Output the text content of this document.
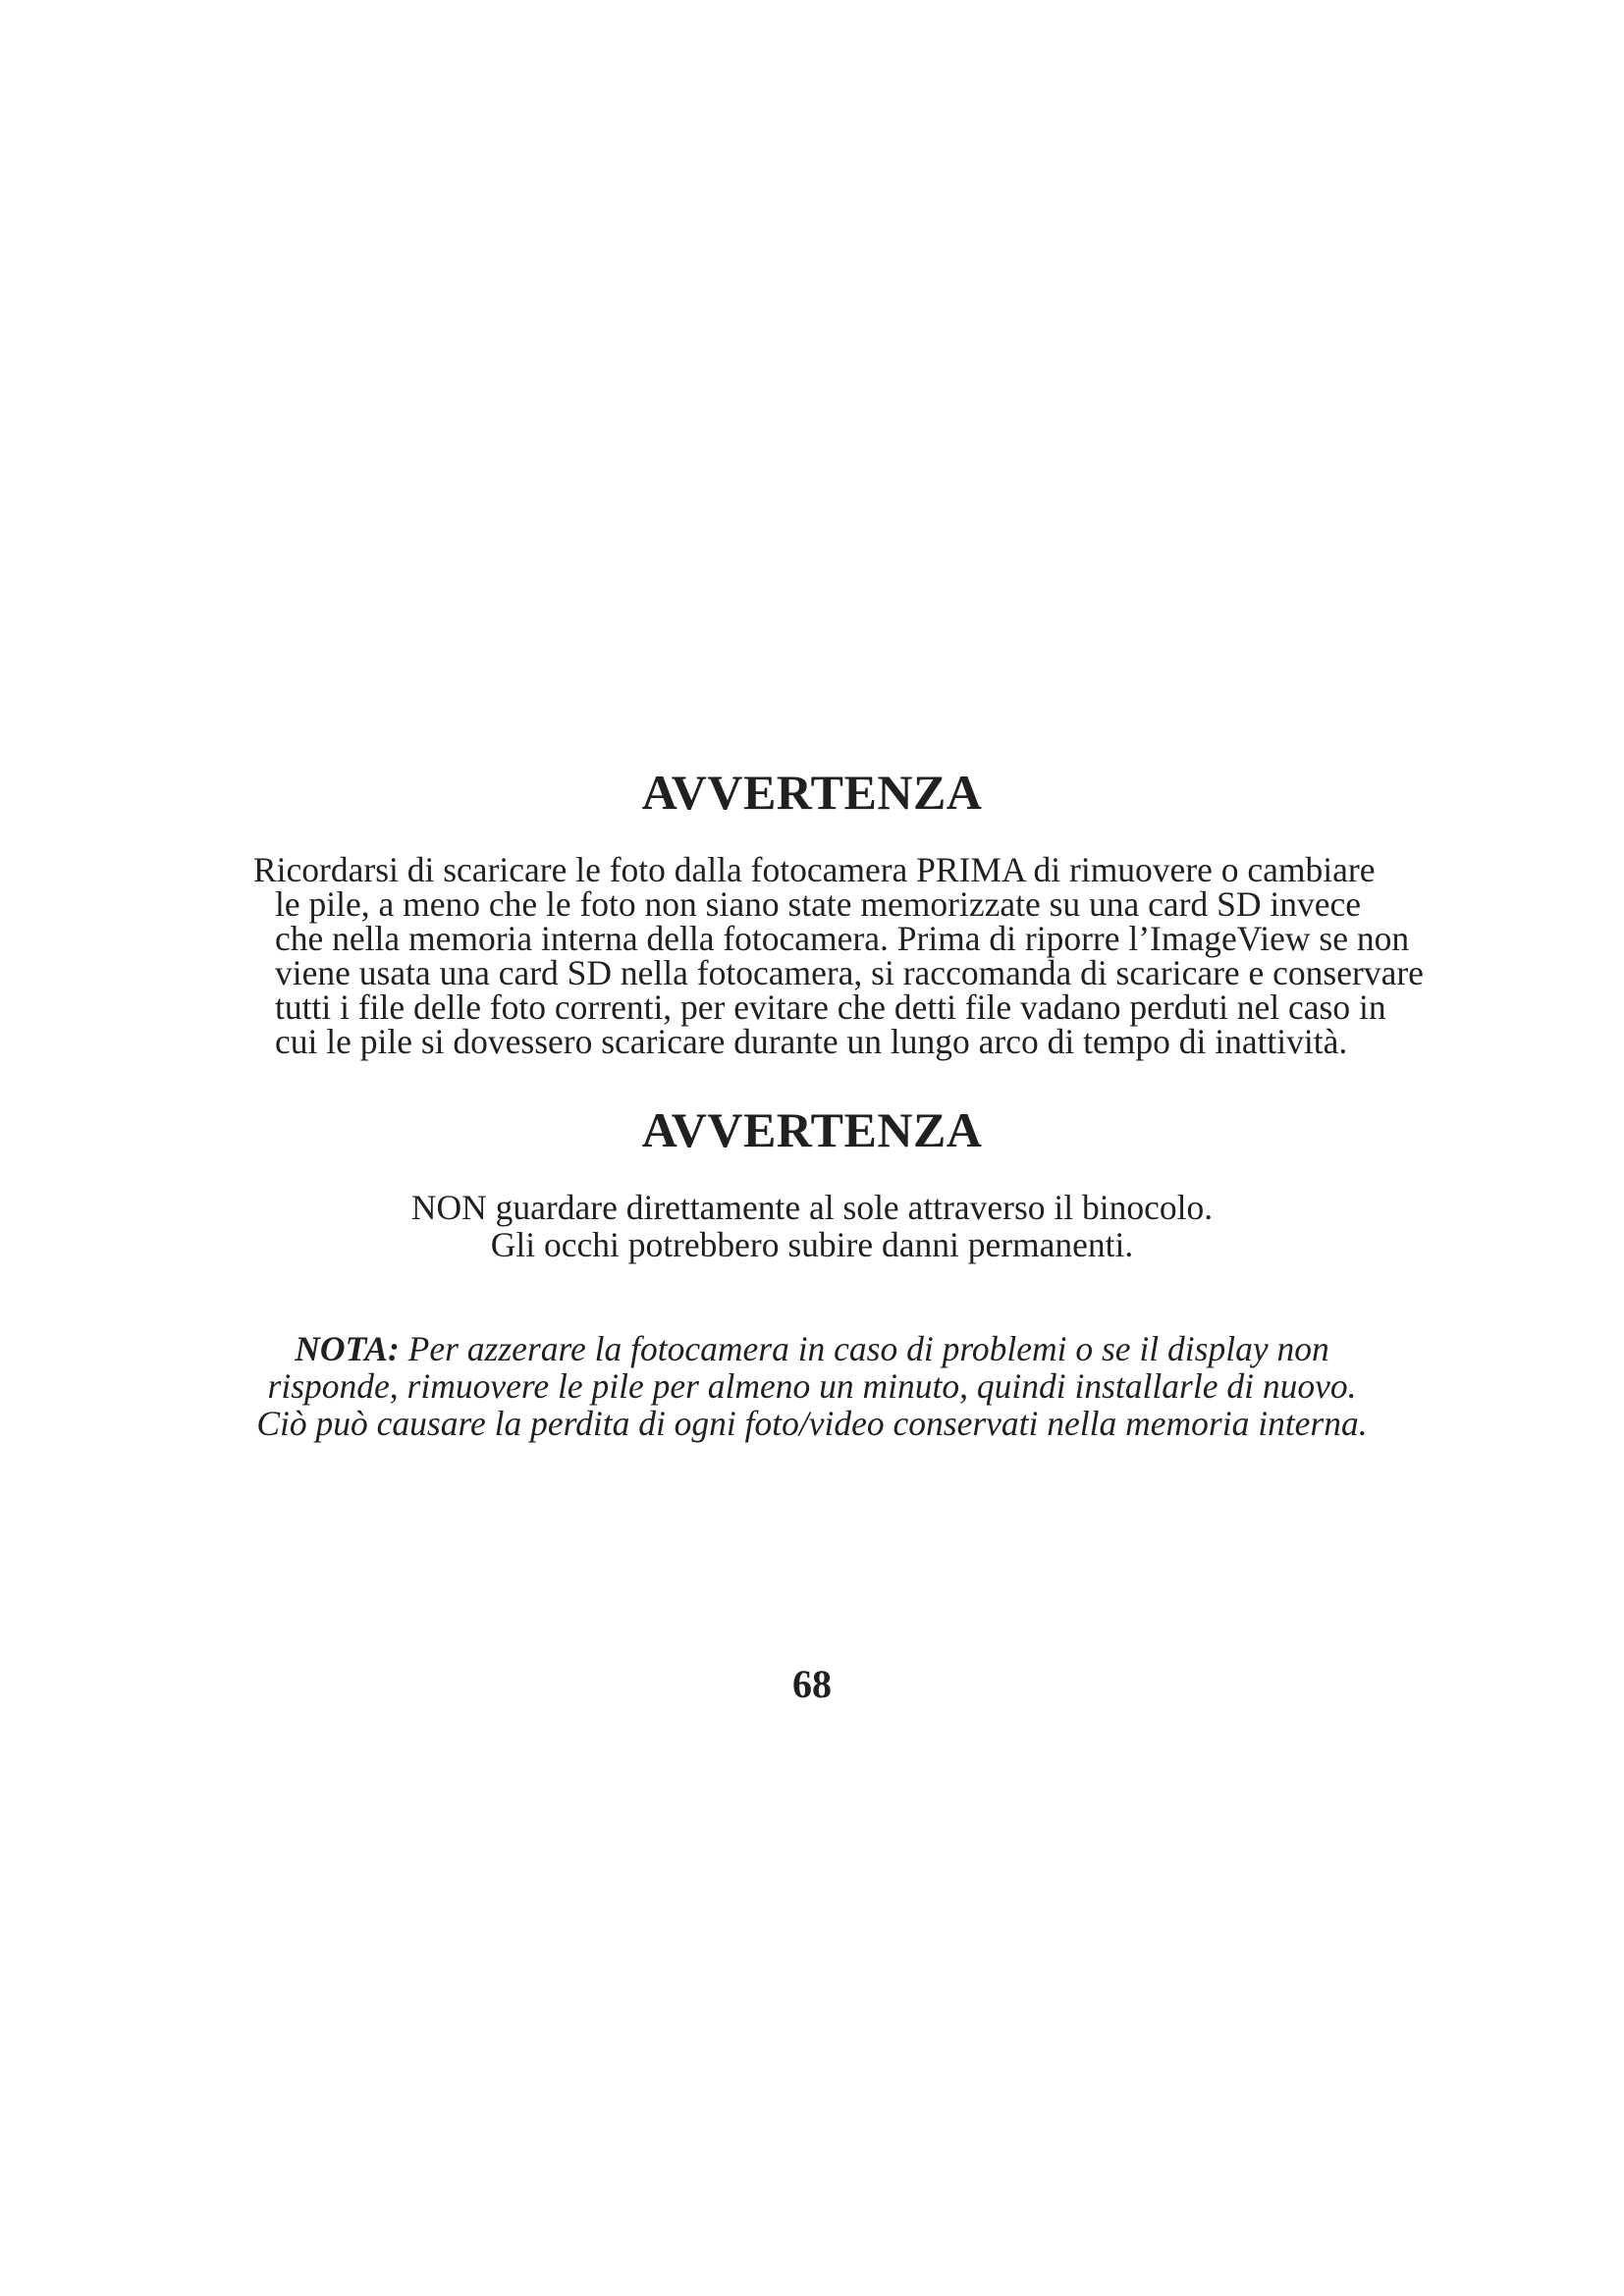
AVVERTENZA
Ricordarsi di scaricare le foto dalla fotocamera PRIMA di rimuovere o cambiare
le pile, a meno che le foto non siano state memorizzate su una card SD invece
che nella memoria interna della fotocamera. Prima di riporre l’ImageView se non
viene usata una card SD nella fotocamera, si raccomanda di scaricare e conservare
tutti i file delle foto correnti, per evitare che detti file vadano perduti nel caso in
cui le pile si dovessero scaricare durante un lungo arco di tempo di inattività.
AVVERTENZA
NON guardare direttamente al sole attraverso il binocolo.
Gli occhi potrebbero subire danni permanenti.
NOTA: Per azzerare la fotocamera in caso di problemi o se il display non
risponde, rimuovere le pile per almeno un minuto, quindi installarle di nuovo.
Ciò può causare la perdita di ogni foto/video conservati nella memoria interna.
68
